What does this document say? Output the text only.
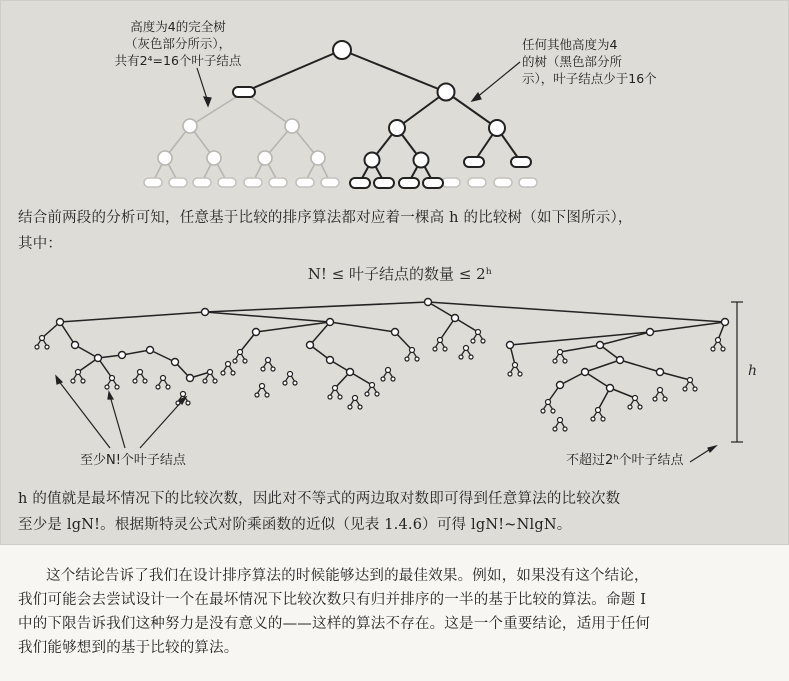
高度为4的完全树
（灰色部分所示），
共有2⁴=16个叶子结点
任何其他高度为4
的树（黑色部分所
示），叶子结点少于16个
结合前两段的分析可知，任意基于比较的排序算法都对应着一棵高 h 的比较树（如下图所示），
其中：
N! ≤ 叶子结点的数量 ≤ 2ʰ
至少N!个叶子结点	不超过2ʰ个叶子结点
h
h 的值就是最坏情况下的比较次数，因此对不等式的两边取对数即可得到任意算法的比较次数
至少是 lgN!。根据斯特灵公式对阶乘函数的近似（见表 1.4.6）可得 lgN!~NlgN。
这个结论告诉了我们在设计排序算法的时候能够达到的最佳效果。例如，如果没有这个结论，
我们可能会去尝试设计一个在最坏情况下比较次数只有归并排序的一半的基于比较的算法。命题 I
中的下限告诉我们这种努力是没有意义的——这样的算法不存在。这是一个重要结论，适用于任何
我们能够想到的基于比较的算法。
